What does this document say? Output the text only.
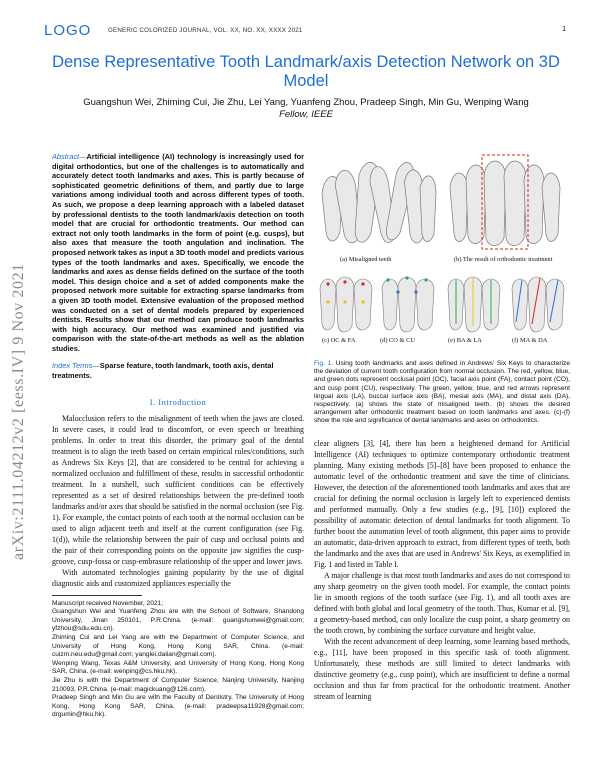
LOGO	GENERIC COLORIZED JOURNAL, VOL. XX, NO. XX, XXXX 2021	1
arXiv:2111.04212v2 [eess.IV] 9 Nov 2021
Dense Representative Tooth Landmark/axis Detection Network on 3D Model
Guangshun Wei, Zhiming Cui, Jie Zhu, Lei Yang, Yuanfeng Zhou, Pradeep Singh, Min Gu, Wenping Wang
Fellow, IEEE

Abstract—Artificial intelligence (AI) technology is increasingly used for digital orthodontics, but one of the challenges is to automatically and accurately detect tooth landmarks and axes. This is partly because of sophisticated geometric definitions of them, and partly due to large variations among individual tooth and across different types of tooth. As such, we propose a deep learning approach with a labeled dataset by professional dentists to the tooth landmark/axis detection on tooth model that are crucial for orthodontic treatments. Our method can extract not only tooth landmarks in the form of point (e.g. cusps), but also axes that measure the tooth angulation and inclination. The proposed network takes as input a 3D tooth model and predicts various types of the tooth landmarks and axes. Specifically, we encode the landmarks and axes as dense fields defined on the surface of the tooth model. This design choice and a set of added components make the proposed network more suitable for extracting sparse landmarks from a given 3D tooth model. Extensive evaluation of the proposed method was conducted on a set of dental models prepared by experienced dentists. Results show that our method can produce tooth landmarks with high accuracy. Our method was examined and justified via comparison with the state-of-the-art methods as well as the ablation studies.

Index Terms—Sparse feature, tooth landmark, tooth axis, dental treatments.

I. Introduction

Malocclusion refers to the misalignment of teeth when the jaws are closed. In severe cases, it could lead to discomfort, or even speech or breathing problems. In order to treat this disorder, the primary goal of the dental treatment is to align the teeth based on certain empirical rules/conditions, such as Andrews Six Keys [2], that are considered to be central for achieving a normalized occlusion and fulfillment of these, results in successful orthodontic treatment. In a nutshell, such sufficient conditions can be effectively represented as a set of desired relationships between the pre-defined tooth landmarks and/or axes that should be satisfied in the normal occlusion (see Fig. 1). For example, the contact points of each tooth at the normal occlusion can be used to align adjacent teeth and itself at the current configuration (see Fig. 1(d)), while the relationship between the pair of cusp and occlusal points and the pair of their corresponding points on the opposite jaw signifies the cusp-groove, cusp-fossa or cusp-embrasure relationship of the upper and lower jaws.

With automated technologies gaining popularity by the use of digital diagnostic aids and customized appliances especially the

Manuscript received November, 2021;

Guangshun Wei and Yuanfeng Zhou are with the School of Software, Shandong University, Jinan 250101, P.R.China. (e-mail: guangshunwei@gmail.com; yfzhou@sdu.edu.cn).

Zhiming Cui and Lei Yang are with the Department of Computer Science, and University of Hong Kong, Hong Kong SAR, China. (e-mail: cuizm.neu.edu@gmail.com; yanglei.dalian@gmail.com).

Wenping Wang, Texas A&M University, and University of Hong Kong, Hong Kong SAR, China. (e-mail: wenping@cs.hku.hk).

Jie Zhu is with the Department of Computer Science, Nanjing University, Nanjing 210093, P.R.China. (e-mail: magickuang@126.com).

Pradeep Singh and Min Gu are with the Faculty of Dentistry, The University of Hong Kong, Hong Kong SAR, China. (e-mail: pradeepsa11928@gmail.com; drgumin@hku.hk).

(a) Misaligned teeth	(b) The result of orthodontic treatment
(c) OC & FA	(d) CO & CU	(e) BA & LA	(f) MA & DA

Fig. 1. Using tooth landmarks and axes defined in Andrews' Six Keys to characterize the deviation of current tooth configuration from normal occlusion. The red, yellow, blue, and green dots represent occlusal point (OC), facial axis point (FA), contact point (CO), and cusp point (CU), respectively. The green, yellow, blue, and red arrows represent lingual axis (LA), buccal surface axis (BA), mesial axis (MA), and distal axis (DA), respectively. (a) shows the state of misaligned teeth. (b) shows the desired arrangement after orthodontic treatment based on tooth landmarks and axes. (c)-(f) show the role and significance of dental landmarks and axes on orthodontics.

clear aligners [3], [4], there has been a heightened demand for Artificial Intelligence (AI) techniques to optimize contemporary orthodontic treatment planning. Many existing methods [5]–[8] have been proposed to enhance the automatic level of the orthodontic treatment and save the time of clinicians. However, the detection of the aforementioned tooth landmarks and axes that are crucial for defining the normal occlusion is largely left to experienced dentists and performed manually. Only a few studies (e.g., [9], [10]) explored the possibility of automatic detection of dental landmarks for tooth alignment. To further boost the automation level of tooth alignment, this paper aims to provide an automatic, data-driven approach to extract, from different types of teeth, both the landmarks and the axes that are used in Andrews' Six Keys, as exemplified in Fig. 1 and listed in Table I.

A major challenge is that most tooth landmarks and axes do not correspond to any sharp geometry on the given tooth model. For example, the contact points lie in smooth regions of the tooth surface (see Fig. 1), and all tooth axes are defined with both global and local geometry of the tooth. Thus, Kumar et al. [9], a geometry-based method, can only localize the cusp point, a sharp geometry on the tooth crown, by combining the surface curvature and height value.

With the recent advancement of deep learning, some learning based methods, e.g., [11], have been proposed in this specific task of tooth alignment. Unfortunately, these methods are still limited to detect landmarks with distinctive geometry (e.g., cusp point), which are insufficient to define a normal occlusion and thus far from practical for the orthodontic treatment. Another stream of learning
